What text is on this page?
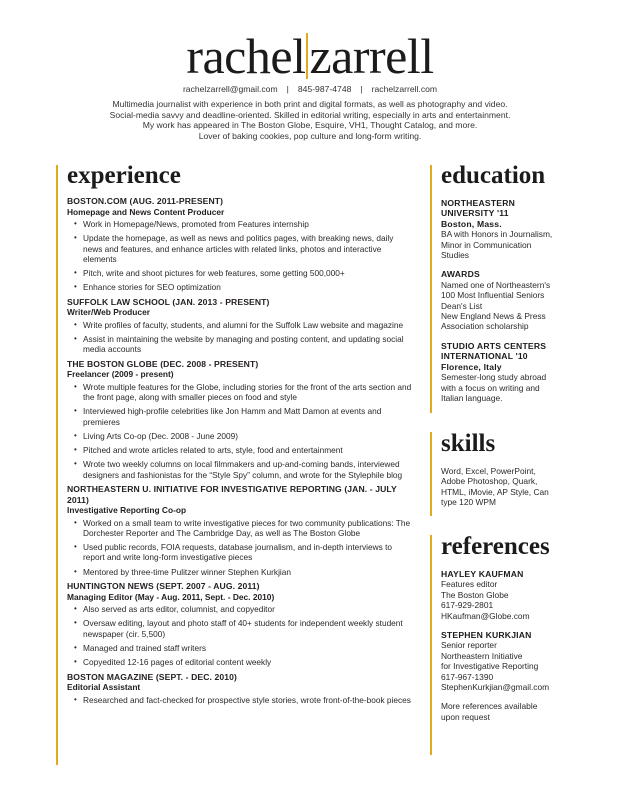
rachelzarrell
rachelzarrell@gmail.com | 845-987-4748 | rachelzarrell.com
Multimedia journalist with experience in both print and digital formats, as well as photography and video.
Social-media savvy and deadline-oriented. Skilled in editorial writing, especially in arts and entertainment.
My work has appeared in The Boston Globe, Esquire, VH1, Thought Catalog, and more.
Lover of baking cookies, pop culture and long-form writing.
experience
BOSTON.COM (AUG. 2011-PRESENT)
Homepage and News Content Producer
• Work in Homepage/News, promoted from Features internship
• Update the homepage, as well as news and politics pages, with breaking news, daily news and features, and enhance articles with related links, photos and interactive elements
• Pitch, write and shoot pictures for web features, some getting 500,000+
• Enhance stories for SEO optimization
SUFFOLK LAW SCHOOL (JAN. 2013 - PRESENT)
Writer/Web Producer
• Write profiles of faculty, students, and alumni for the Suffolk Law website and magazine
• Assist in maintaining the website by managing and posting content, and updating social media accounts
THE BOSTON GLOBE (DEC. 2008 - PRESENT)
Freelancer (2009 - present)
• Wrote multiple features for the Globe, including stories for the front of the arts section and the front page, along with smaller pieces on food and style
• Interviewed high-profile celebrities like Jon Hamm and Matt Damon at events and premieres
• Living Arts Co-op (Dec. 2008 - June 2009)
• Pitched and wrote articles related to arts, style, food and entertainment
• Wrote two weekly columns on local filmmakers and up-and-coming bands, interviewed designers and fashionistas for the “Style Spy” column, and wrote for the Stylephile blog
NORTHEASTERN U. INITIATIVE FOR INVESTIGATIVE REPORTING (JAN. - JULY 2011)
Investigative Reporting Co-op
• Worked on a small team to write investigative pieces for two community publications: The Dorchester Reporter and The Cambridge Day, as well as The Boston Globe
• Used public records, FOIA requests, database journalism, and in-depth interviews to report and write long-form investigative pieces
• Mentored by three-time Pulitzer winner Stephen Kurkjian
HUNTINGTON NEWS (SEPT. 2007 - AUG. 2011)
Managing Editor (May - Aug. 2011, Sept. - Dec. 2010)
• Also served as arts editor, columnist, and copyeditor
• Oversaw editing, layout and photo staff of 40+ students for independent weekly student newspaper (cir. 5,500)
• Managed and trained staff writers
• Copyedited 12-16 pages of editorial content weekly
BOSTON MAGAZINE (SEPT. - DEC. 2010)
Editorial Assistant
• Researched and fact-checked for prospective style stories, wrote front-of-the-book pieces
education
NORTHEASTERN
UNIVERSITY '11
Boston, Mass.
BA with Honors in Journalism,
Minor in Communication
Studies
AWARDS
Named one of Northeastern's
100 Most Influential Seniors
Dean's List
New England News & Press
Association scholarship
STUDIO ARTS CENTERS
INTERNATIONAL '10
Florence, Italy
Semester-long study abroad
with a focus on writing and
Italian language.
skills
Word, Excel, PowerPoint,
Adobe Photoshop, Quark,
HTML, iMovie, AP Style, Can
type 120 WPM
references
HAYLEY KAUFMAN
Features editor
The Boston Globe
617-929-2801
HKaufman@Globe.com
STEPHEN KURKJIAN
Senior reporter
Northeastern Initiative
for Investigative Reporting
617-967-1390
StephenKurkjian@gmail.com
More references available
upon request
